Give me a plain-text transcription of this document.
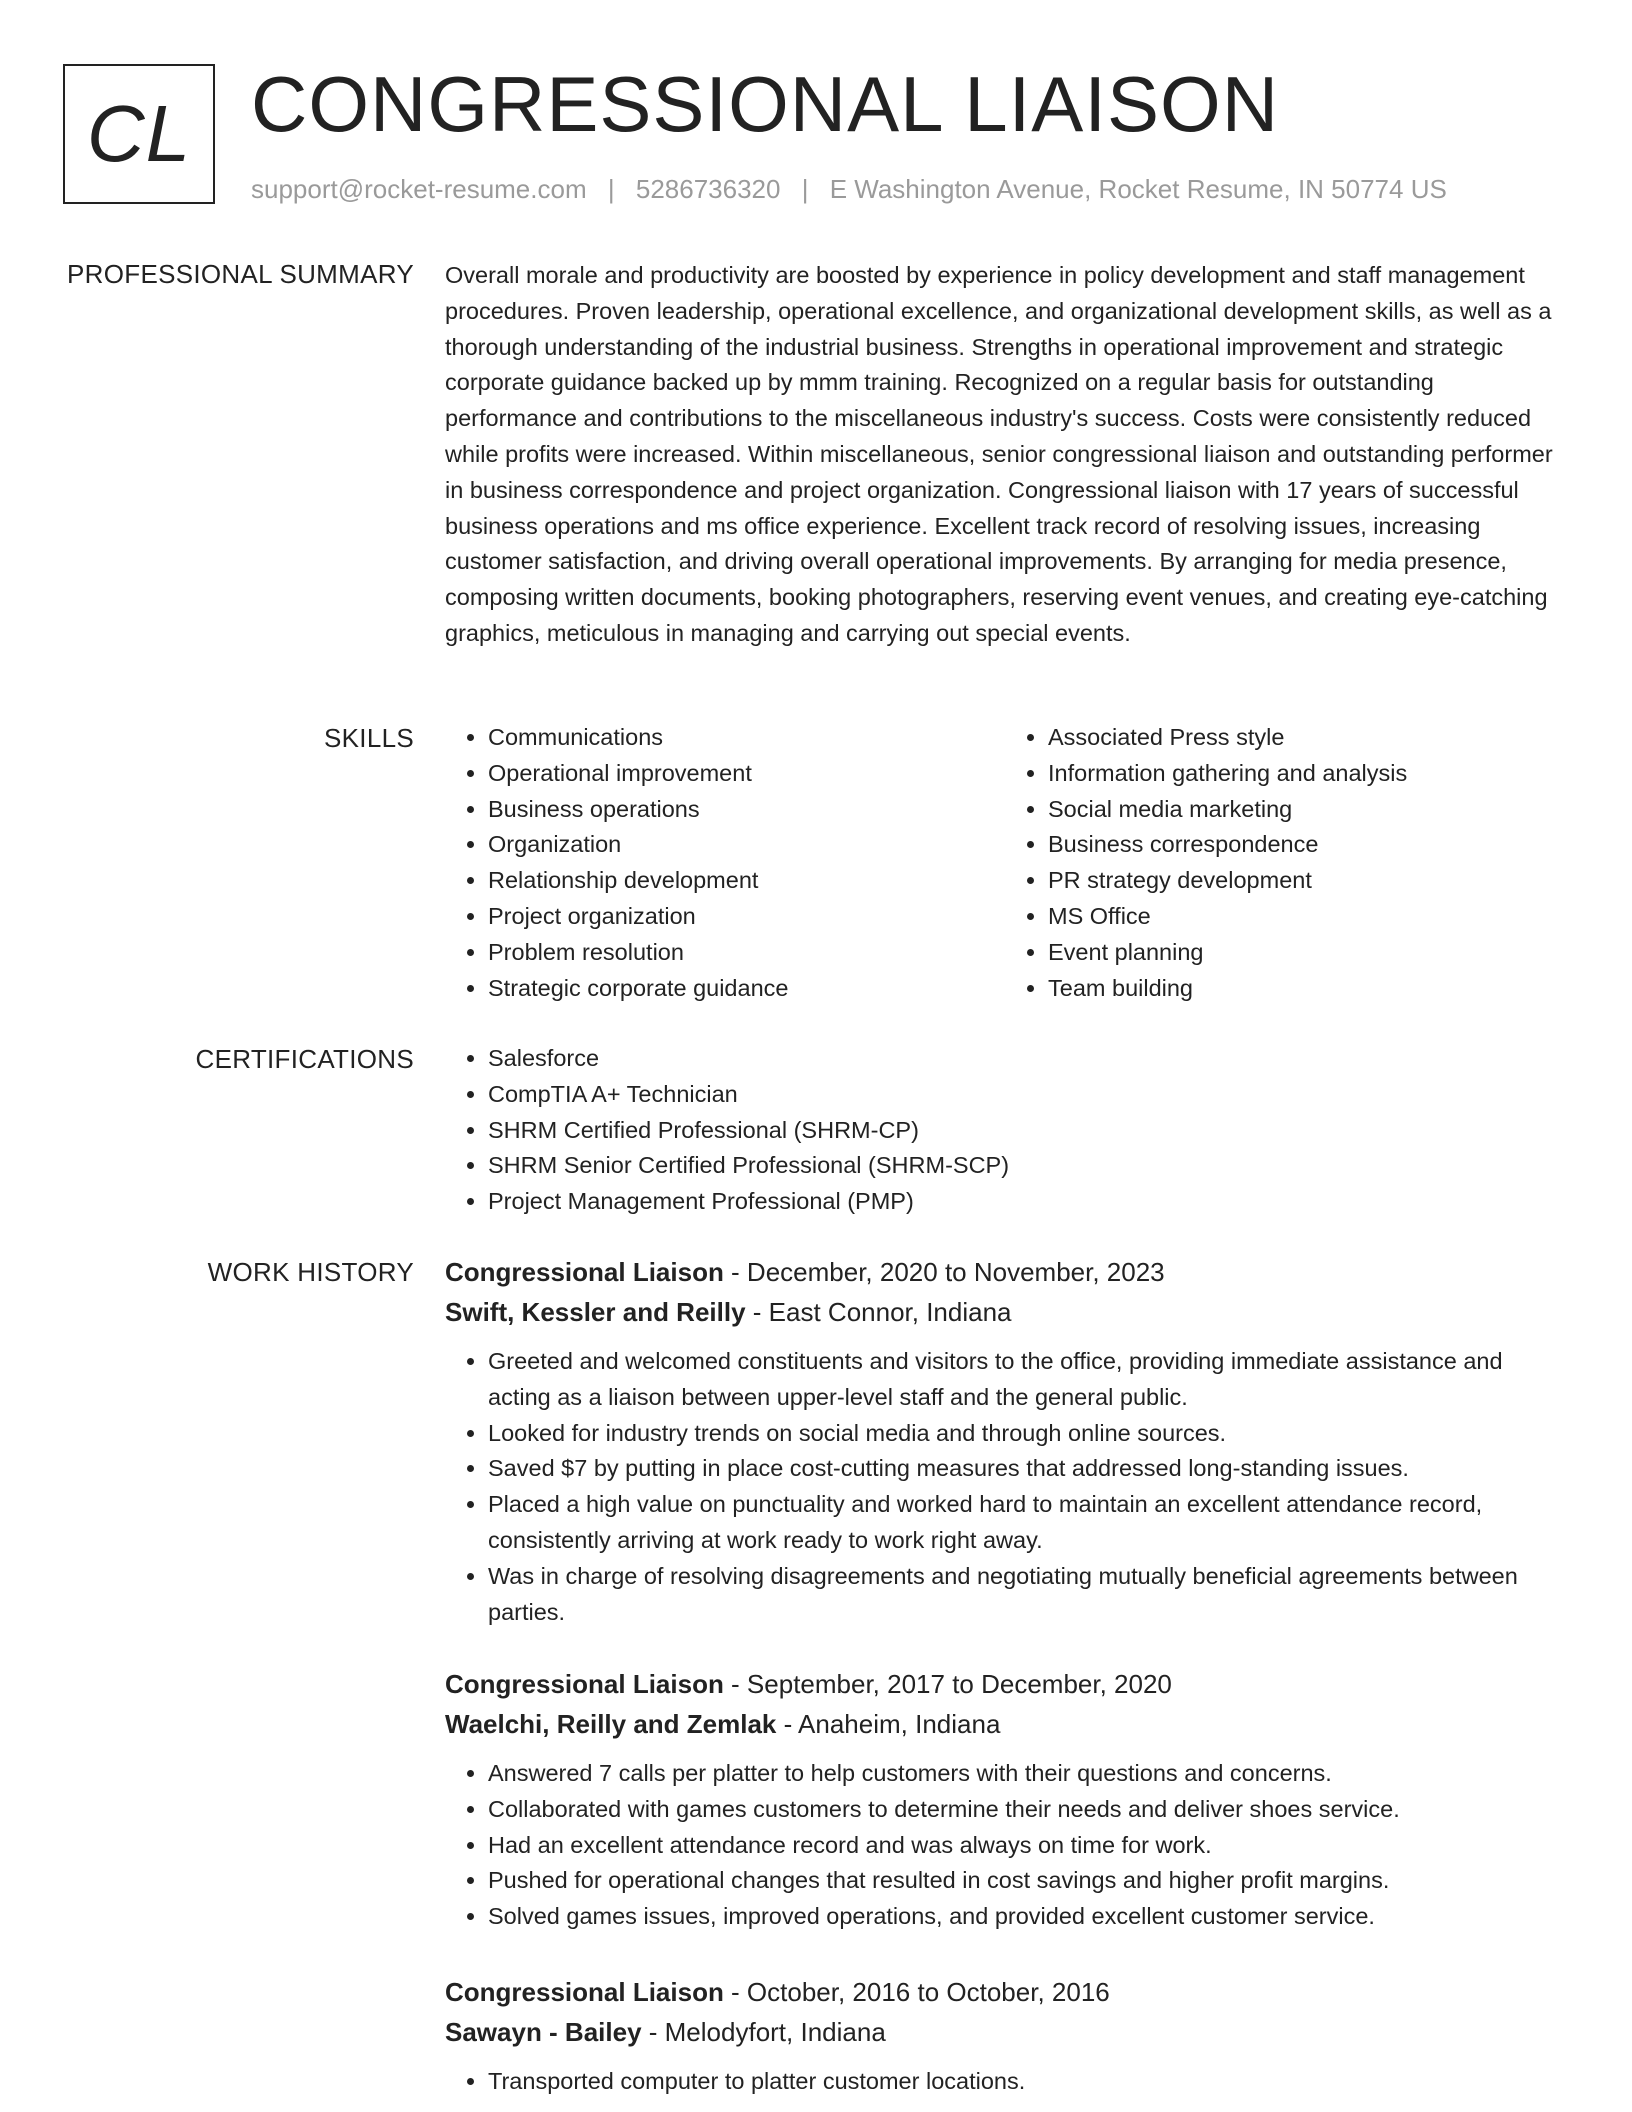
CL CONGRESSIONAL LIAISON
support@rocket-resume.com | 5286736320 | E Washington Avenue, Rocket Resume, IN 50774 US
PROFESSIONAL SUMMARY Overall morale and productivity are boosted by experience in policy development and staff management procedures. Proven leadership, operational excellence, and organizational development skills, as well as a thorough understanding of the industrial business. Strengths in operational improvement and strategic corporate guidance backed up by mmm training. Recognized on a regular basis for outstanding performance and contributions to the miscellaneous industry's success. Costs were consistently reduced while profits were increased. Within miscellaneous, senior congressional liaison and outstanding performer in business correspondence and project organization. Congressional liaison with 17 years of successful business operations and ms office experience. Excellent track record of resolving issues, increasing customer satisfaction, and driving overall operational improvements. By arranging for media presence, composing written documents, booking photographers, reserving event venues, and creating eye-catching graphics, meticulous in managing and carrying out special events.
SKILLS	• Communications
• Operational improvement
• Business operations
• Organization
• Relationship development
• Project organization
• Problem resolution
• Strategic corporate guidance
• Associated Press style
• Information gathering and analysis
• Social media marketing
• Business correspondence
• PR strategy development
• MS Office
• Event planning
• Team building
CERTIFICATIONS	• Salesforce
• CompTIA A+ Technician
• SHRM Certified Professional (SHRM-CP)
• SHRM Senior Certified Professional (SHRM-SCP)
• Project Management Professional (PMP)
WORK HISTORY Congressional Liaison - December, 2020 to November, 2023
Swift, Kessler and Reilly - East Connor, Indiana
• Greeted and welcomed constituents and visitors to the office, providing immediate assistance and acting as a liaison between upper-level staff and the general public.
• Looked for industry trends on social media and through online sources.
• Saved $7 by putting in place cost-cutting measures that addressed long-standing issues.
• Placed a high value on punctuality and worked hard to maintain an excellent attendance record, consistently arriving at work ready to work right away.
• Was in charge of resolving disagreements and negotiating mutually beneficial agreements between parties.
Congressional Liaison - September, 2017 to December, 2020
Waelchi, Reilly and Zemlak - Anaheim, Indiana
• Answered 7 calls per platter to help customers with their questions and concerns.
• Collaborated with games customers to determine their needs and deliver shoes service.
• Had an excellent attendance record and was always on time for work.
• Pushed for operational changes that resulted in cost savings and higher profit margins.
• Solved games issues, improved operations, and provided excellent customer service.
Congressional Liaison - October, 2016 to October, 2016
Sawayn - Bailey - Melodyfort, Indiana
• Transported computer to platter customer locations.
